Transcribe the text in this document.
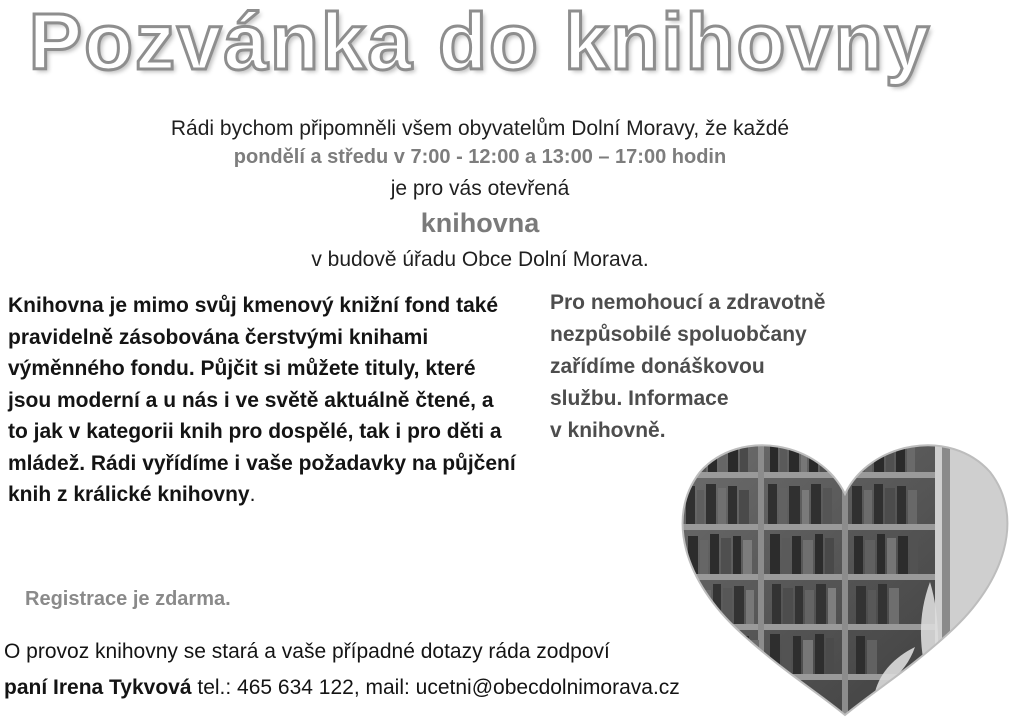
Pozvánka do knihovny

Rádi bychom připomněli všem obyvatelům Dolní Moravy, že každé

pondělí a středu v 7:00 - 12:00 a 13:00 – 17:00 hodin

je pro vás otevřená

knihovna

v budově úřadu Obce Dolní Morava.

Knihovna je mimo svůj kmenový knižní fond také pravidelně zásobována čerstvými knihami výměnného fondu. Půjčit si můžete tituly, které jsou moderní a u nás i ve světě aktuálně čtené, a to jak v kategorii knih pro dospělé, tak i pro děti a mládež. Rádi vyřídíme i vaše požadavky na půjčení knih z králické knihovny.

Registrace je zdarma.

Pro nemohoucí a zdravotně
nezpůsobilé spoluobčany
zařídíme donáškovou
službu. Informace
v knihovně.

O provoz knihovny se stará a vaše případné dotazy ráda zodpoví

paní Irena Tykvová tel.: 465 634 122, mail: ucetni@obecdolnimorava.cz
